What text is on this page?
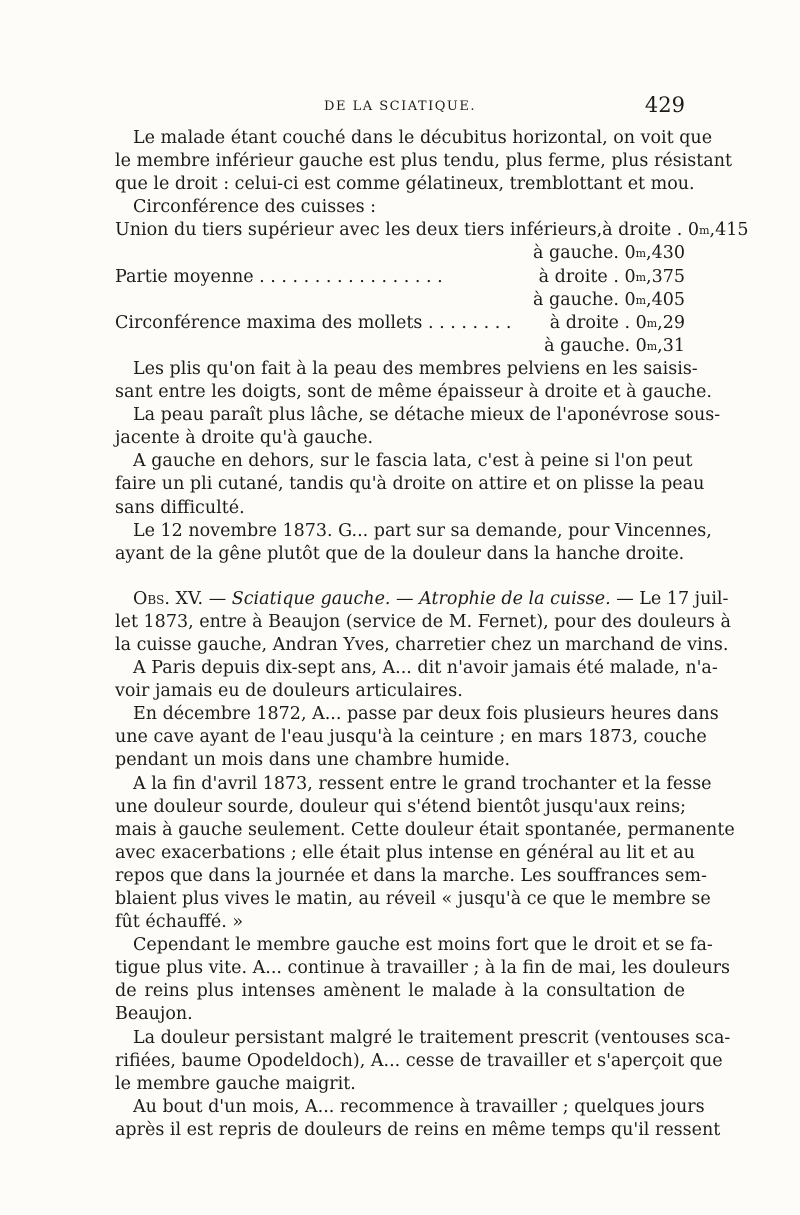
DE LA SCIATIQUE.	429
Le malade étant couché dans le décubitus horizontal, on voit que
le membre inférieur gauche est plus tendu, plus ferme, plus résistant
que le droit : celui-ci est comme gélatineux, tremblottant et mou.
Circonférence des cuisses :
Union du tiers supérieur avec les deux tiers inférieurs, à droite . 0$^m$,415
à gauche. 0$^m$,430
Partie moyenne . . . . . . . . . . . . . . . . .	à droite . 0$^m$,375
à gauche. 0$^m$,405
Circonférence maxima des mollets . . . . . . . . à droite . 0$^m$,29
à gauche. 0$^m$,31
Les plis qu'on fait à la peau des membres pelviens en les saisis-
sant entre les doigts, sont de même épaisseur à droite et à gauche.
La peau paraît plus lâche, se détache mieux de l'aponévrose sous-
jacente à droite qu'à gauche.
A gauche en dehors, sur le fascia lata, c'est à peine si l'on peut
faire un pli cutané, tandis qu'à droite on attire et on plisse la peau
sans difficulté.
Le 12 novembre 1873. G... part sur sa demande, pour Vincennes,
ayant de la gêne plutôt que de la douleur dans la hanche droite.
Obs. XV. — Sciatique gauche. — Atrophie de la cuisse. — Le 17 juil-
let 1873, entre à Beaujon (service de M. Fernet), pour des douleurs à
la cuisse gauche, Andran Yves, charretier chez un marchand de vins.
A Paris depuis dix-sept ans, A... dit n'avoir jamais été malade, n'a-
voir jamais eu de douleurs articulaires.
En décembre 1872, A... passe par deux fois plusieurs heures dans
une cave ayant de l'eau jusqu'à la ceinture ; en mars 1873, couche
pendant un mois dans une chambre humide.
A la fin d'avril 1873, ressent entre le grand trochanter et la fesse
une douleur sourde, douleur qui s'étend bientôt jusqu'aux reins;
mais à gauche seulement. Cette douleur était spontanée, permanente
avec exacerbations ; elle était plus intense en général au lit et au
repos que dans la journée et dans la marche. Les souffrances sem-
blaient plus vives le matin, au réveil « jusqu'à ce que le membre se
fût échauffé. »
Cependant le membre gauche est moins fort que le droit et se fa-
tigue plus vite. A... continue à travailler ; à la fin de mai, les douleurs
de reins plus intenses amènent le malade à la consultation de
Beaujon.
La douleur persistant malgré le traitement prescrit (ventouses sca-
rifiées, baume Opodeldoch), A... cesse de travailler et s'aperçoit que
le membre gauche maigrit.
Au bout d'un mois, A... recommence à travailler ; quelques jours
après il est repris de douleurs de reins en même temps qu'il ressent
